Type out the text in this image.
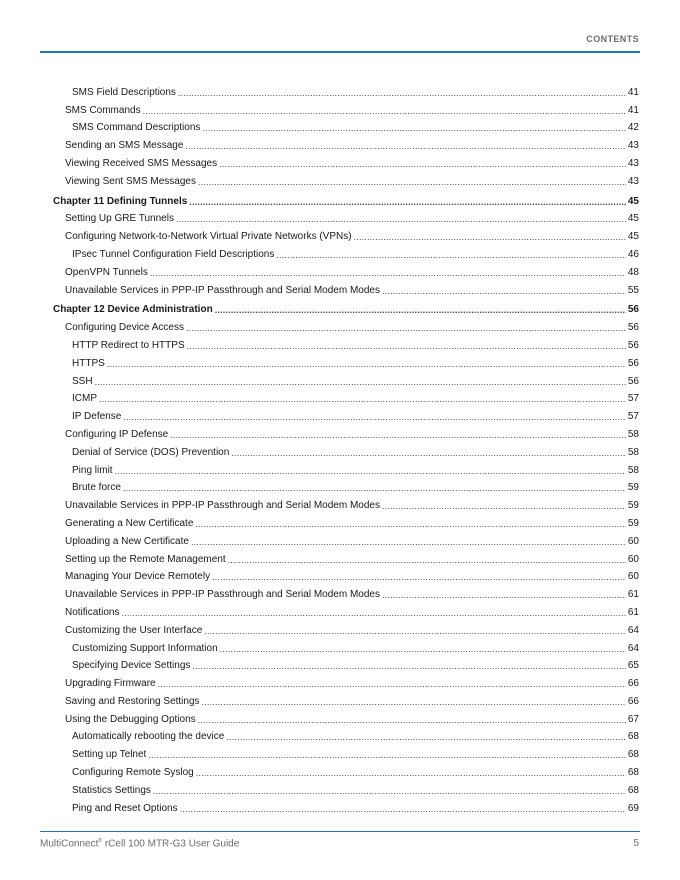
CONTENTS
SMS Field Descriptions .....	41
SMS Commands .....	41
SMS Command Descriptions .....	42
Sending an SMS Message .....	43
Viewing Received SMS Messages .....	43
Viewing Sent SMS Messages .....	43
Chapter 11 Defining Tunnels .....	45
Setting Up GRE Tunnels .....	45
Configuring Network-to-Network Virtual Private Networks (VPNs) .....	45
IPsec Tunnel Configuration Field Descriptions .....	46
OpenVPN Tunnels .....	48
Unavailable Services in PPP-IP Passthrough and Serial Modem Modes .....	55
Chapter 12 Device Administration .....	56
Configuring Device Access .....	56
HTTP Redirect to HTTPS .....	56
HTTPS .....	56
SSH .....	56
ICMP .....	57
IP Defense .....	57
Configuring IP Defense .....	58
Denial of Service (DOS) Prevention .....	58
Ping limit .....	58
Brute force .....	59
Unavailable Services in PPP-IP Passthrough and Serial Modem Modes .....	59
Generating a New Certificate .....	59
Uploading a New Certificate .....	60
Setting up the Remote Management .....	60
Managing Your Device Remotely .....	60
Unavailable Services in PPP-IP Passthrough and Serial Modem Modes .....	61
Notifications .....	61
Customizing the User Interface .....	64
Customizing Support Information .....	64
Specifying Device Settings .....	65
Upgrading Firmware .....	66
Saving and Restoring Settings .....	66
Using the Debugging Options .....	67
Automatically rebooting the device .....	68
Setting up Telnet .....	68
Configuring Remote Syslog .....	68
Statistics Settings .....	68
Ping and Reset Options .....	69
MultiConnect® rCell 100 MTR-G3 User Guide	5
